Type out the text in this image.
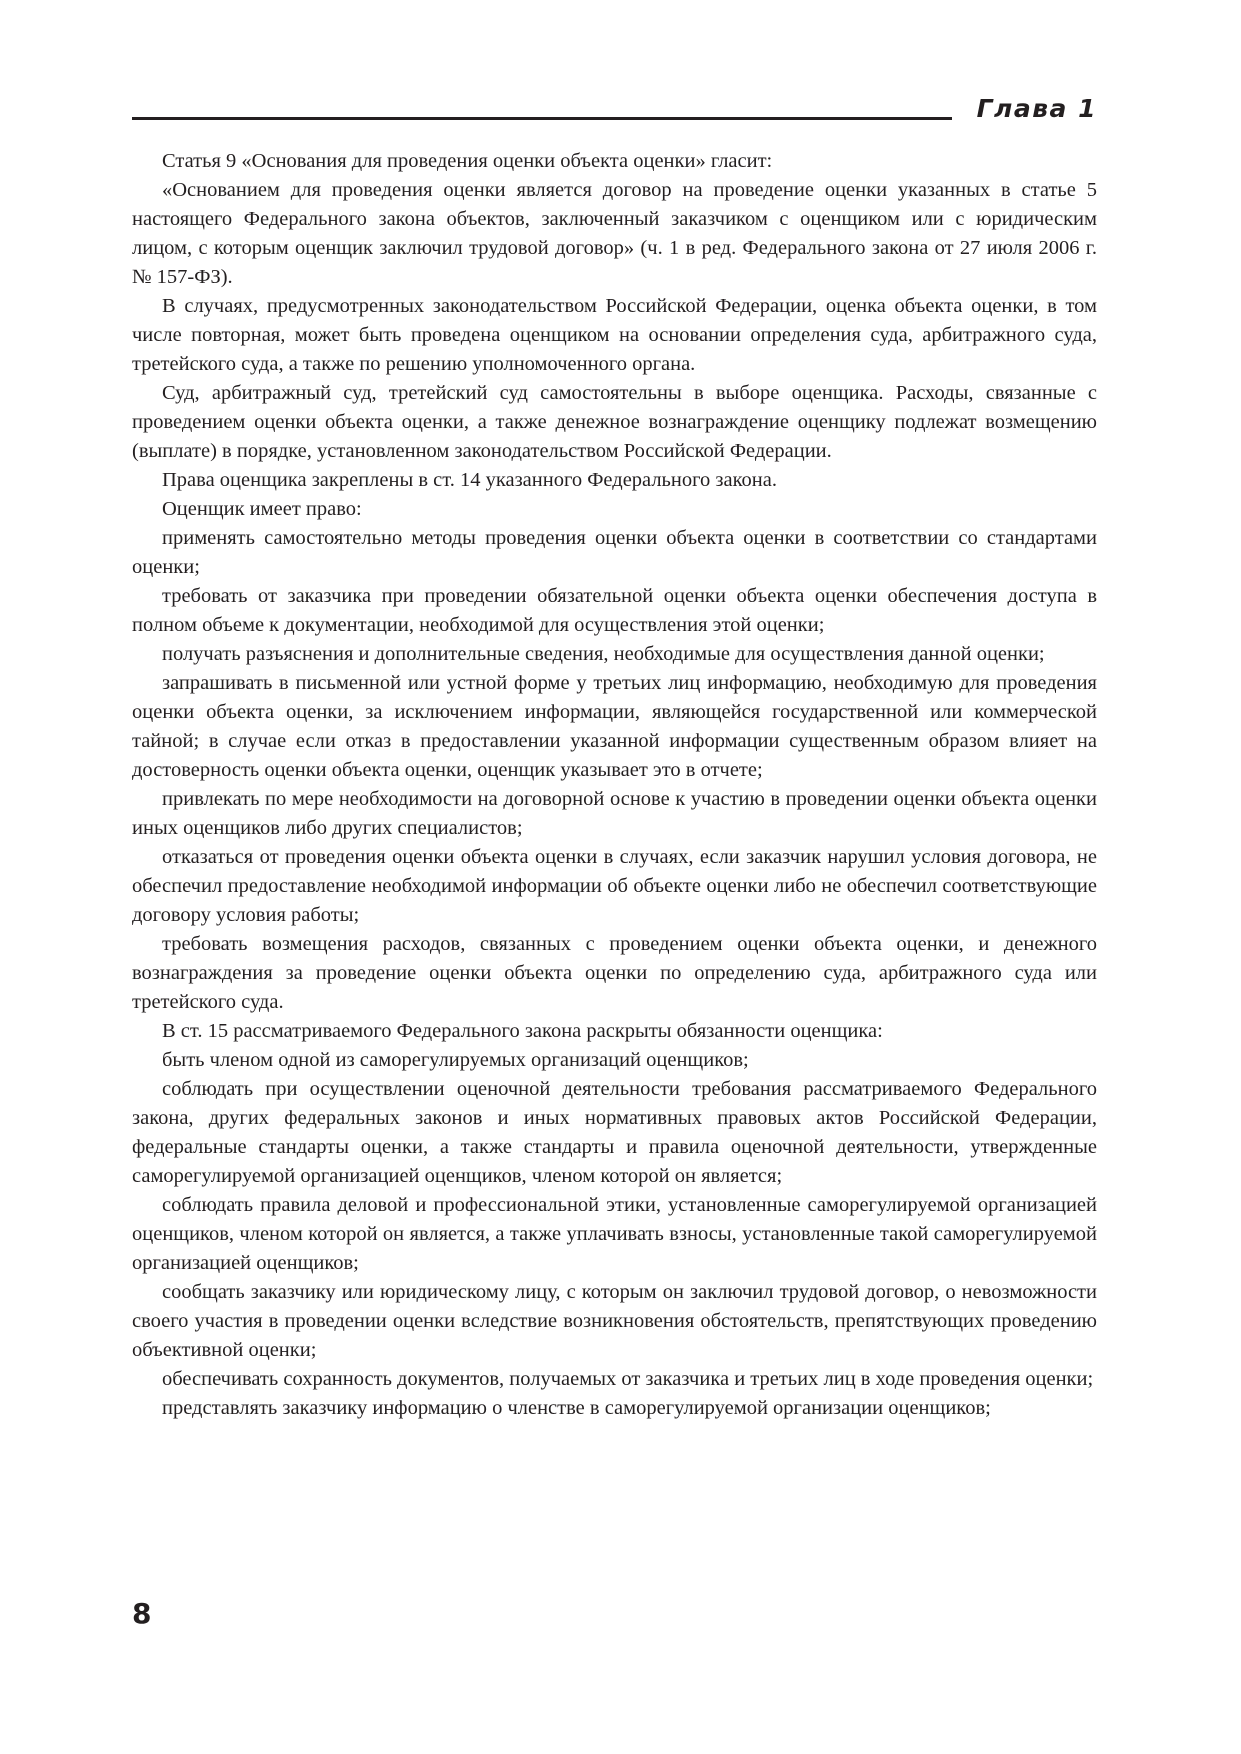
Глава 1

Статья 9 «Основания для проведения оценки объекта оценки» гласит:

«Основанием для проведения оценки является договор на проведение оценки указанных в статье 5 настоящего Федерального закона объектов, заключенный заказчиком с оценщиком или с юридическим лицом, с которым оценщик заключил трудовой договор» (ч. 1 в ред. Федерального закона от 27 июля 2006 г. № 157-ФЗ).

В случаях, предусмотренных законодательством Российской Федерации, оценка объекта оценки, в том числе повторная, может быть проведена оценщиком на основании определения суда, арбитражного суда, третейского суда, а также по решению уполномоченного органа.

Суд, арбитражный суд, третейский суд самостоятельны в выборе оценщика. Расходы, связанные с проведением оценки объекта оценки, а также денежное вознаграждение оценщику подлежат возмещению (выплате) в порядке, установленном законодательством Российской Федерации.

Права оценщика закреплены в ст. 14 указанного Федерального закона.

Оценщик имеет право:

применять самостоятельно методы проведения оценки объекта оценки в соответствии со стандартами оценки;

требовать от заказчика при проведении обязательной оценки объекта оценки обеспечения доступа в полном объеме к документации, необходимой для осуществления этой оценки;

получать разъяснения и дополнительные сведения, необходимые для осуществления данной оценки;

запрашивать в письменной или устной форме у третьих лиц информацию, необходимую для проведения оценки объекта оценки, за исключением информации, являющейся государственной или коммерческой тайной; в случае если отказ в предоставлении указанной информации существенным образом влияет на достоверность оценки объекта оценки, оценщик указывает это в отчете;

привлекать по мере необходимости на договорной основе к участию в проведении оценки объекта оценки иных оценщиков либо других специалистов;

отказаться от проведения оценки объекта оценки в случаях, если заказчик нарушил условия договора, не обеспечил предоставление необходимой информации об объекте оценки либо не обеспечил соответствующие договору условия работы;

требовать возмещения расходов, связанных с проведением оценки объекта оценки, и денежного вознаграждения за проведение оценки объекта оценки по определению суда, арбитражного суда или третейского суда.

В ст. 15 рассматриваемого Федерального закона раскрыты обязанности оценщика:

быть членом одной из саморегулируемых организаций оценщиков;

соблюдать при осуществлении оценочной деятельности требования рассматриваемого Федерального закона, других федеральных законов и иных нормативных правовых актов Российской Федерации, федеральные стандарты оценки, а также стандарты и правила оценочной деятельности, утвержденные саморегулируемой организацией оценщиков, членом которой он является;

соблюдать правила деловой и профессиональной этики, установленные саморегулируемой организацией оценщиков, членом которой он является, а также уплачивать взносы, установленные такой саморегулируемой организацией оценщиков;

сообщать заказчику или юридическому лицу, с которым он заключил трудовой договор, о невозможности своего участия в проведении оценки вследствие возникновения обстоятельств, препятствующих проведению объективной оценки;

обеспечивать сохранность документов, получаемых от заказчика и третьих лиц в ходе проведения оценки;

представлять заказчику информацию о членстве в саморегулируемой организации оценщиков;

8
